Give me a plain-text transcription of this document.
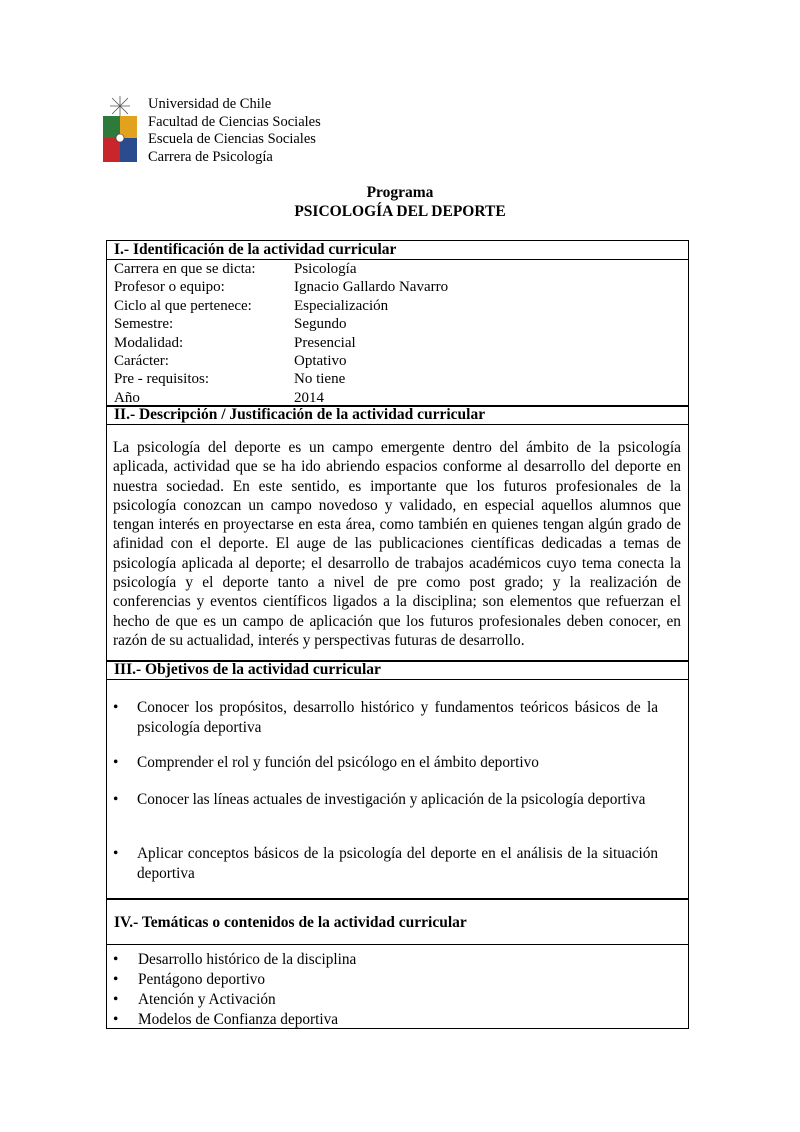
Universidad de Chile
Facultad de Ciencias Sociales
Escuela de Ciencias Sociales
Carrera de Psicología
Programa
PSICOLOGÍA DEL DEPORTE
I.- Identificación de la actividad curricular
Carrera en que se dicta:	Psicología
Profesor o equipo:	Ignacio Gallardo Navarro
Ciclo al que pertenece:	Especialización
Semestre:	Segundo
Modalidad:	Presencial
Carácter:	Optativo
Pre - requisitos:	No tiene
Año	2014
II.- Descripción / Justificación de la actividad curricular
La psicología del deporte es un campo emergente dentro del ámbito de la psicología aplicada, actividad que se ha ido abriendo espacios conforme al desarrollo del deporte en nuestra sociedad. En este sentido, es importante que los futuros profesionales de la psicología conozcan un campo novedoso y validado, en especial aquellos alumnos que tengan interés en proyectarse en esta área, como también en quienes tengan algún grado de afinidad con el deporte. El auge de las publicaciones científicas dedicadas a temas de psicología aplicada al deporte; el desarrollo de trabajos académicos cuyo tema conecta la psicología y el deporte tanto a nivel de pre como post grado; y la realización de conferencias y eventos científicos ligados a la disciplina; son elementos que refuerzan el hecho de que es un campo de aplicación que los futuros profesionales deben conocer, en razón de su actualidad, interés y perspectivas futuras de desarrollo.
III.- Objetivos de la actividad curricular
•	Conocer los propósitos, desarrollo histórico y fundamentos teóricos básicos de la psicología deportiva
•	Comprender el rol y función del psicólogo en el ámbito deportivo
•	Conocer las líneas actuales de investigación y aplicación de la psicología deportiva
•	Aplicar conceptos básicos de la psicología del deporte en el análisis de la situación deportiva
IV.- Temáticas o contenidos de la actividad curricular
• Desarrollo histórico de la disciplina
• Pentágono deportivo
• Atención y Activación
• Modelos de Confianza deportiva
